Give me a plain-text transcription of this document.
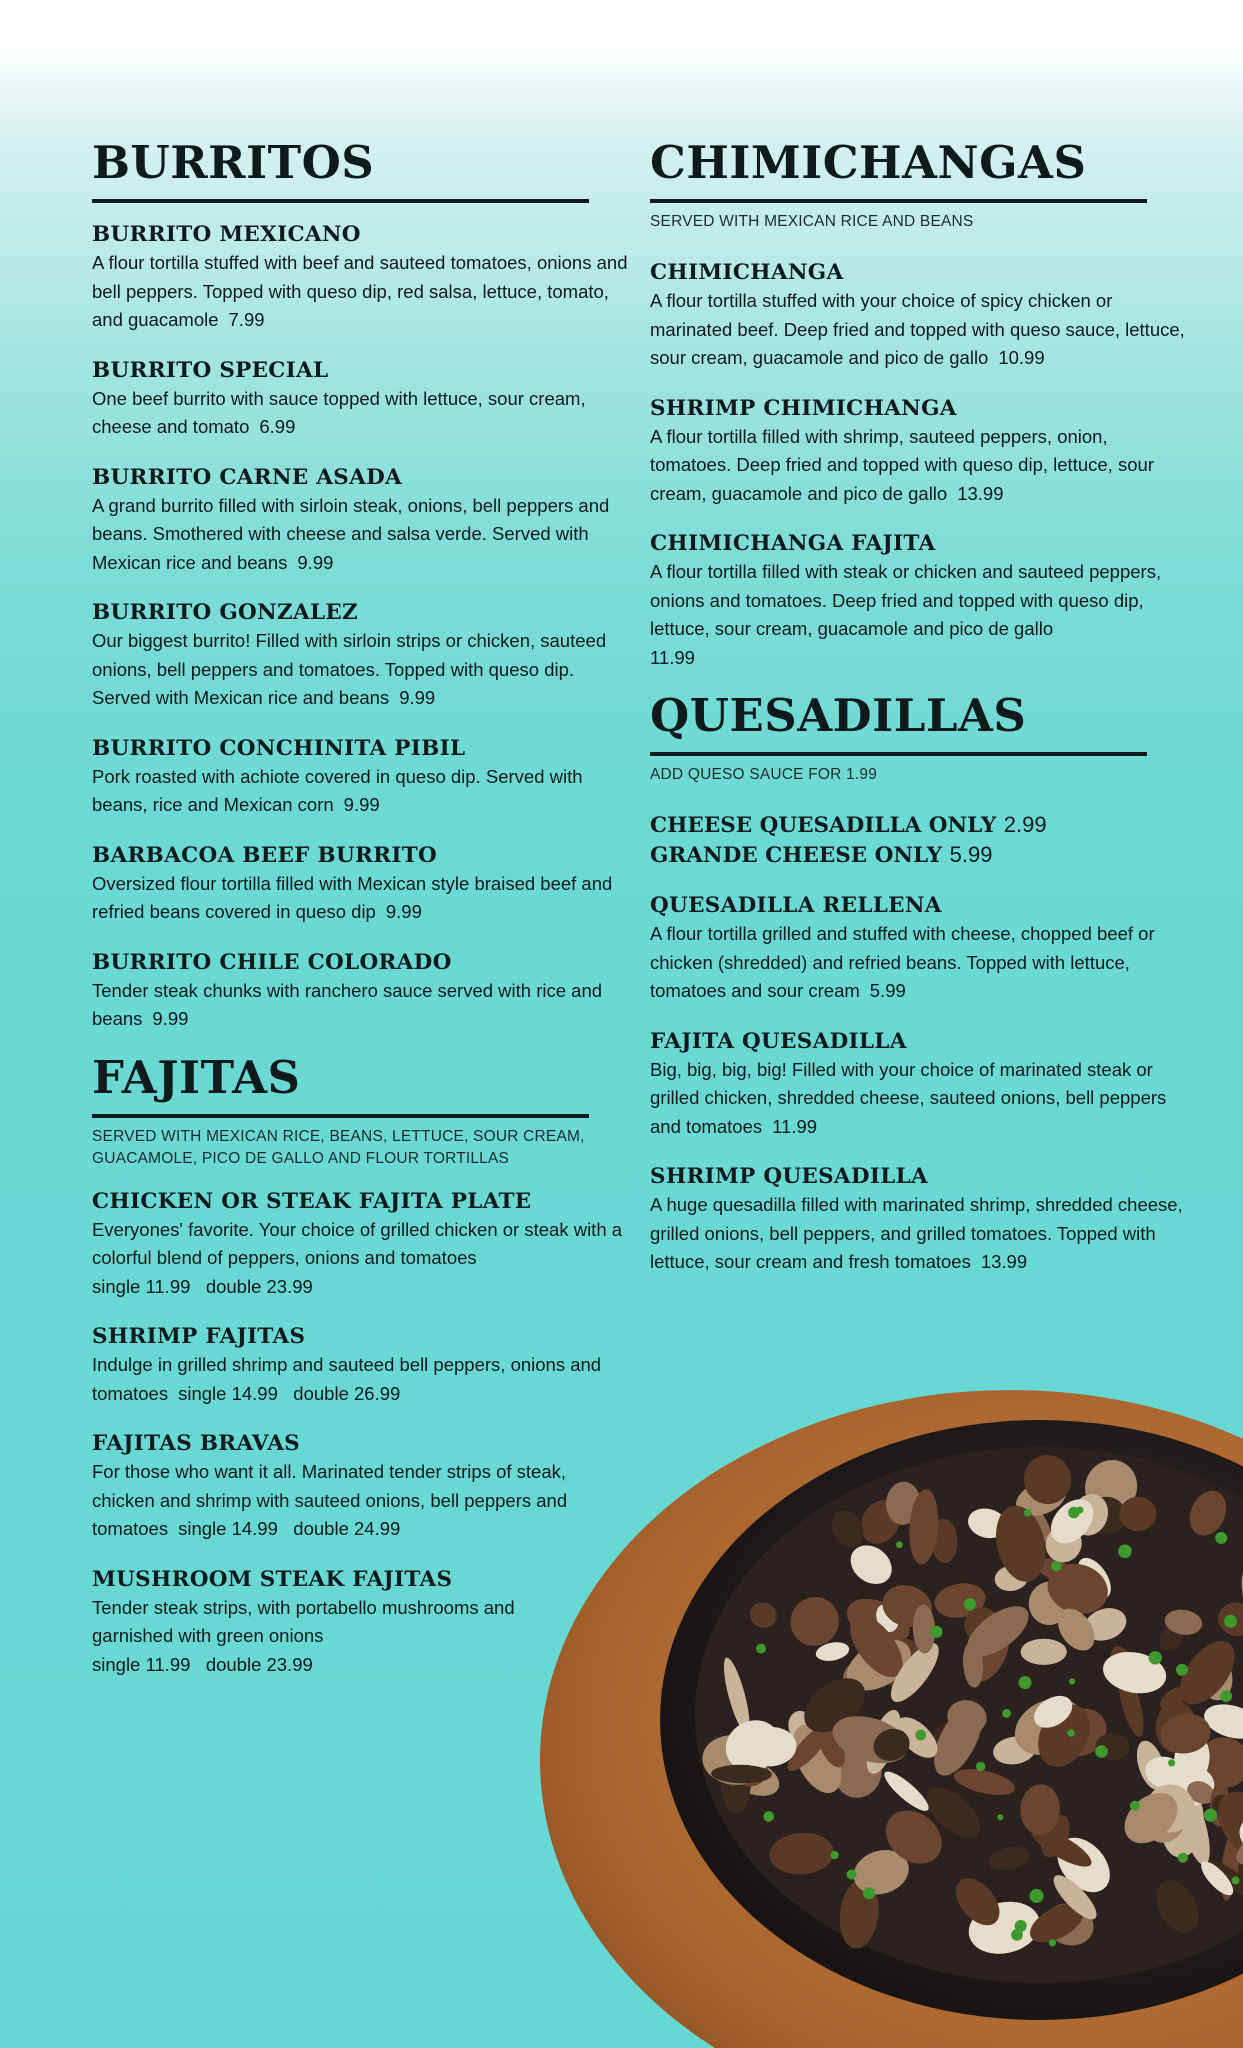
BURRITOS
BURRITO MEXICANO
A flour tortilla stuffed with beef and sauteed tomatoes, onions and bell peppers. Topped with queso dip, red salsa, lettuce, tomato, and guacamole 7.99
BURRITO SPECIAL
One beef burrito with sauce topped with lettuce, sour cream, cheese and tomato 6.99
BURRITO CARNE ASADA
A grand burrito filled with sirloin steak, onions, bell peppers and beans. Smothered with cheese and salsa verde. Served with Mexican rice and beans 9.99
BURRITO GONZALEZ
Our biggest burrito! Filled with sirloin strips or chicken, sauteed onions, bell peppers and tomatoes. Topped with queso dip. Served with Mexican rice and beans 9.99
BURRITO CONCHINITA PIBIL
Pork roasted with achiote covered in queso dip. Served with beans, rice and Mexican corn 9.99
BARBACOA BEEF BURRITO
Oversized flour tortilla filled with Mexican style braised beef and refried beans covered in queso dip 9.99
BURRITO CHILE COLORADO
Tender steak chunks with ranchero sauce served with rice and beans 9.99
FAJITAS
SERVED WITH MEXICAN RICE, BEANS, LETTUCE, SOUR CREAM, GUACAMOLE, PICO DE GALLO AND FLOUR TORTILLAS
CHICKEN OR STEAK FAJITA PLATE
Everyones' favorite. Your choice of grilled chicken or steak with a colorful blend of peppers, onions and tomatoes
single 11.99   double 23.99
SHRIMP FAJITAS
Indulge in grilled shrimp and sauteed bell peppers, onions and tomatoes single 14.99   double 26.99
FAJITAS BRAVAS
For those who want it all. Marinated tender strips of steak, chicken and shrimp with sauteed onions, bell peppers and tomatoes single 14.99   double 24.99
MUSHROOM STEAK FAJITAS
Tender steak strips, with portabello mushrooms and garnished with green onions
single 11.99   double 23.99
CHIMICHANGAS
SERVED WITH MEXICAN RICE AND BEANS
CHIMICHANGA
A flour tortilla stuffed with your choice of spicy chicken or marinated beef. Deep fried and topped with queso sauce, lettuce, sour cream, guacamole and pico de gallo 10.99
SHRIMP CHIMICHANGA
A flour tortilla filled with shrimp, sauteed peppers, onion, tomatoes. Deep fried and topped with queso dip, lettuce, sour cream, guacamole and pico de gallo 13.99
CHIMICHANGA FAJITA
A flour tortilla filled with steak or chicken and sauteed peppers, onions and tomatoes. Deep fried and topped with queso dip, lettuce, sour cream, guacamole and pico de gallo
11.99
QUESADILLAS
ADD QUESO SAUCE FOR 1.99
CHEESE QUESADILLA ONLY 2.99
GRANDE CHEESE ONLY 5.99
QUESADILLA RELLENA
A flour tortilla grilled and stuffed with cheese, chopped beef or chicken (shredded) and refried beans. Topped with lettuce, tomatoes and sour cream 5.99
FAJITA QUESADILLA
Big, big, big, big! Filled with your choice of marinated steak or grilled chicken, shredded cheese, sauteed onions, bell peppers and tomatoes 11.99
SHRIMP QUESADILLA
A huge quesadilla filled with marinated shrimp, shredded cheese, grilled onions, bell peppers, and grilled tomatoes. Topped with lettuce, sour cream and fresh tomatoes 13.99
